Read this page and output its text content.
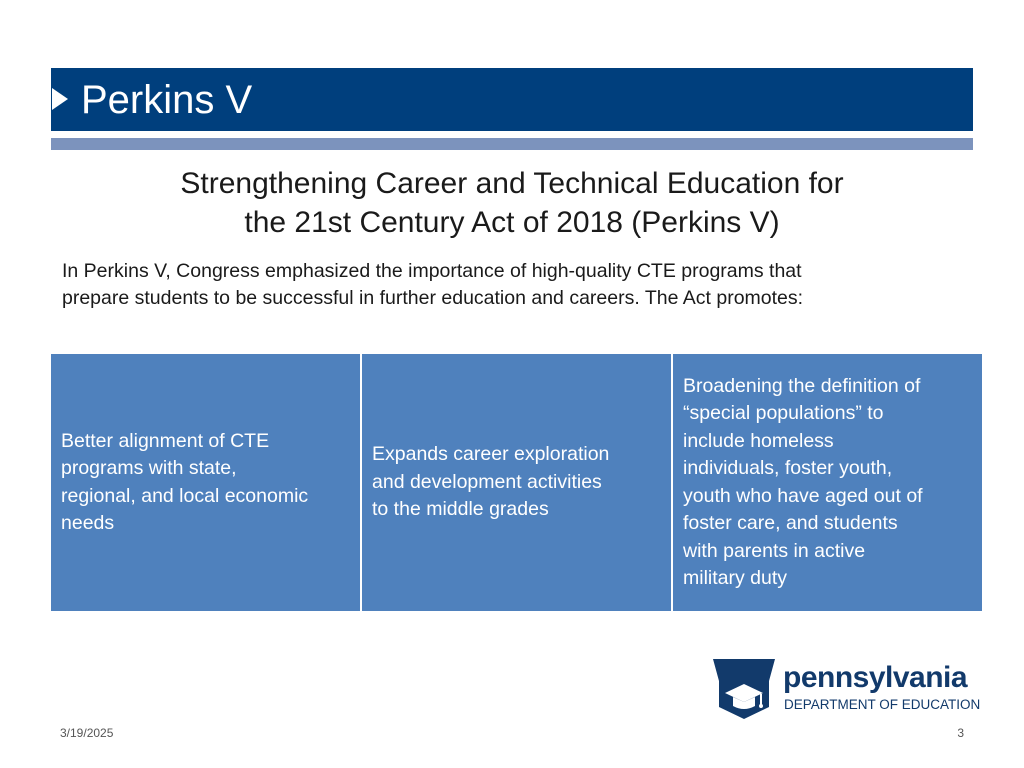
Perkins V
Strengthening Career and Technical Education for
the 21st Century Act of 2018 (Perkins V)
In Perkins V, Congress emphasized the importance of high-quality CTE programs that
prepare students to be successful in further education and careers. The Act promotes:
Better alignment of CTE
programs with state,
regional, and local economic
needs
Expands career exploration
and development activities
to the middle grades
Broadening the definition of
“special populations” to
include homeless
individuals, foster youth,
youth who have aged out of
foster care, and students
with parents in active
military duty
pennsylvania
DEPARTMENT OF EDUCATION
3/19/2025	3
